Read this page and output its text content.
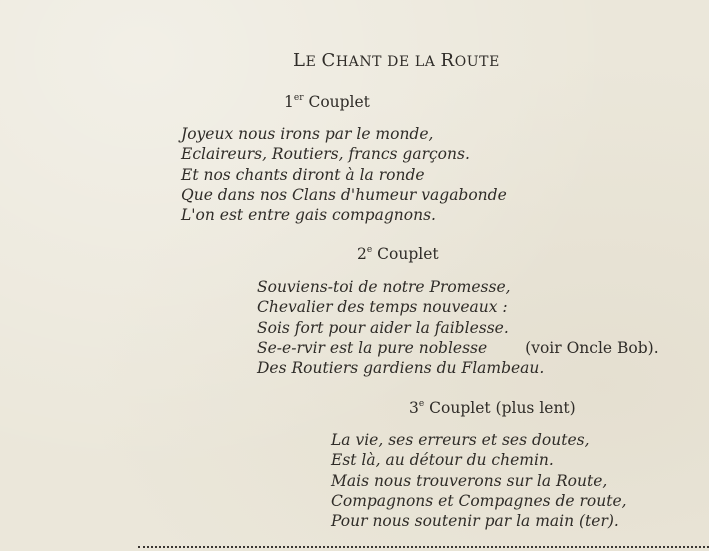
LE CHANT DE LA ROUTE
1er Couplet
Joyeux nous irons par le monde,
Eclaireurs, Routiers, francs garçons.
Et nos chants diront à la ronde
Que dans nos Clans d'humeur vagabonde
L'on est entre gais compagnons.
2e Couplet
Souviens-toi de notre Promesse,
Chevalier des temps nouveaux :
Sois fort pour aider la faiblesse.
Se-e-rvir est la pure noblesse (voir Oncle Bob).
Des Routiers gardiens du Flambeau.
3e Couplet (plus lent)
La vie, ses erreurs et ses doutes,
Est là, au détour du chemin.
Mais nous trouverons sur la Route,
Compagnons et Compagnes de route,
Pour nous soutenir par la main (ter).
